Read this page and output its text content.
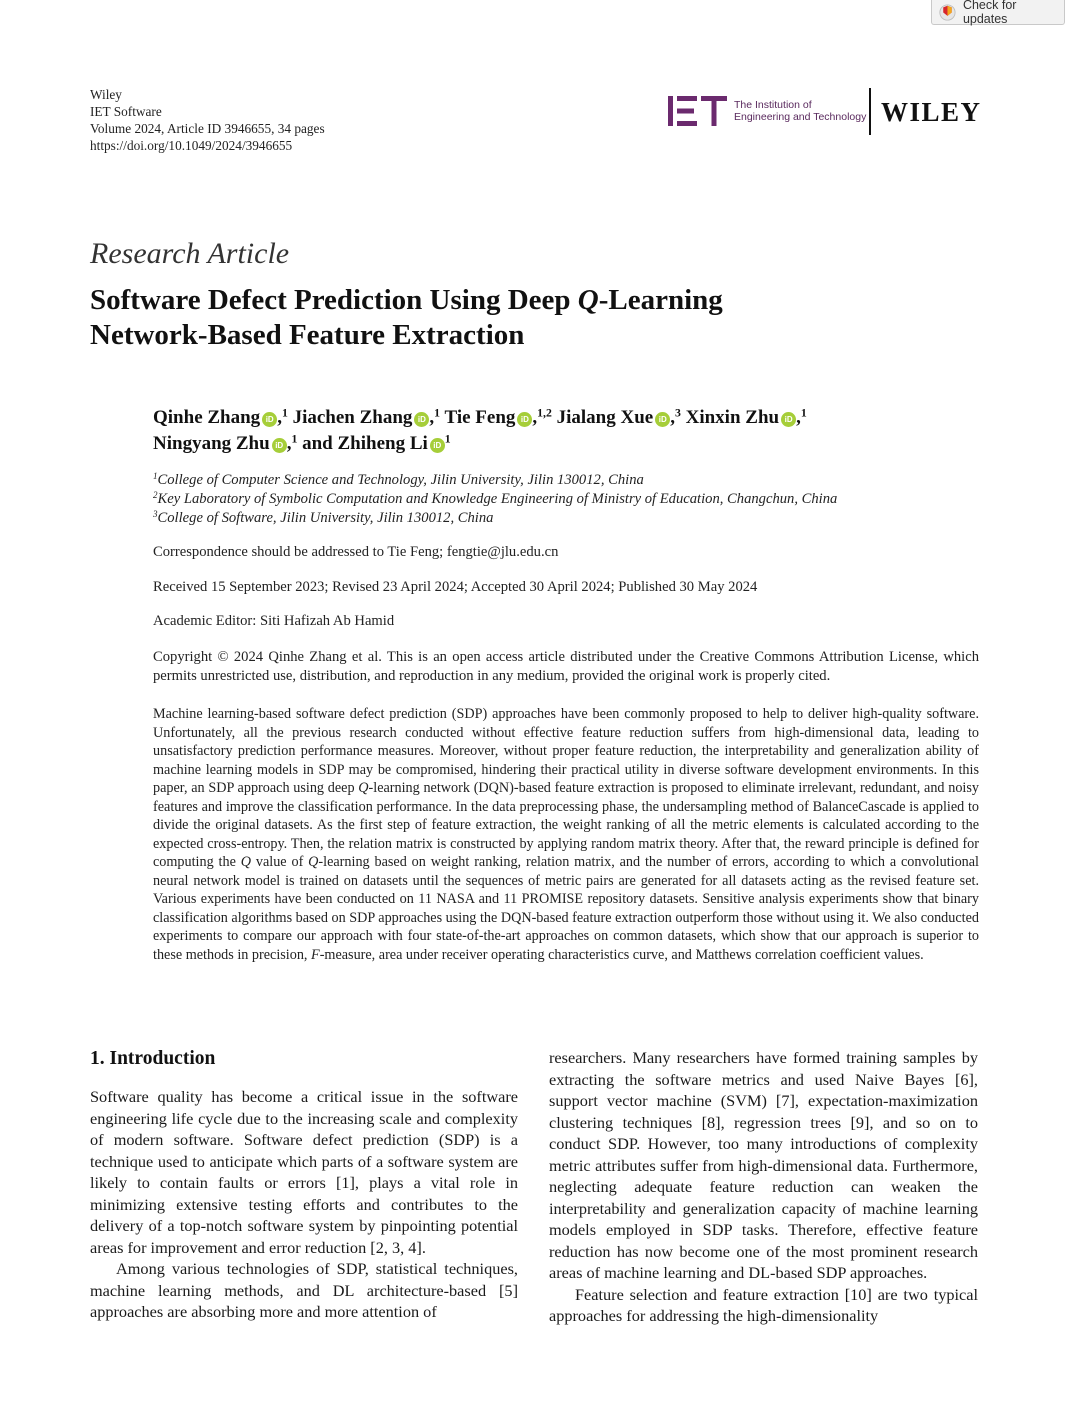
Check for updates
Wiley
IET Software
Volume 2024, Article ID 3946655, 34 pages
https://doi.org/10.1049/2024/3946655
The Institution of
Engineering and Technology WILEY
Research Article
Software Defect Prediction Using Deep Q-Learning
Network-Based Feature Extraction
Qinhe Zhang iD ,$^1$ Jiachen Zhang iD ,$^1$ Tie Feng iD ,$^{1,2}$ Jialang Xue iD ,$^3$ Xinxin Zhu iD ,$^1$
Ningyang Zhu iD ,$^1$ and Zhiheng Li iD $^1$
$^1$College of Computer Science and Technology, Jilin University, Jilin 130012, China
$^2$Key Laboratory of Symbolic Computation and Knowledge Engineering of Ministry of Education, Changchun, China
$^3$College of Software, Jilin University, Jilin 130012, China
Correspondence should be addressed to Tie Feng; fengtie@jlu.edu.cn
Received 15 September 2023; Revised 23 April 2024; Accepted 30 April 2024; Published 30 May 2024
Academic Editor: Siti Hafizah Ab Hamid
Copyright © 2024 Qinhe Zhang et al. This is an open access article distributed under the Creative Commons Attribution License, which permits unrestricted use, distribution, and reproduction in any medium, provided the original work is properly cited.
Machine learning-based software defect prediction (SDP) approaches have been commonly proposed to help to deliver high-quality software. Unfortunately, all the previous research conducted without effective feature reduction suffers from high-dimensional data, leading to unsatisfactory prediction performance measures. Moreover, without proper feature reduction, the interpretability and generalization ability of machine learning models in SDP may be compromised, hindering their practical utility in diverse software development environments. In this paper, an SDP approach using deep Q-learning network (DQN)-based feature extraction is proposed to eliminate irrelevant, redundant, and noisy features and improve the classification performance. In the data preprocessing phase, the undersampling method of BalanceCascade is applied to divide the original datasets. As the first step of feature extraction, the weight ranking of all the metric elements is calculated according to the expected cross-entropy. Then, the relation matrix is constructed by applying random matrix theory. After that, the reward principle is defined for computing the Q value of Q-learning based on weight ranking, relation matrix, and the number of errors, according to which a convolutional neural network model is trained on datasets until the sequences of metric pairs are generated for all datasets acting as the revised feature set. Various experiments have been conducted on 11 NASA and 11 PROMISE repository datasets. Sensitive analysis experiments show that binary classification algorithms based on SDP approaches using the DQN-based feature extraction outperform those without using it. We also conducted experiments to compare our approach with four state-of-the-art approaches on common datasets, which show that our approach is superior to these methods in precision, F-measure, area under receiver operating characteristics curve, and Matthews correlation coefficient values.
1. Introduction

Software quality has become a critical issue in the software engineering life cycle due to the increasing scale and complexity of modern software. Software defect prediction (SDP) is a technique used to anticipate which parts of a software system are likely to contain faults or errors [1], plays a vital role in minimizing extensive testing efforts and contributes to the delivery of a top-notch software system by pinpointing potential areas for improvement and error reduction [2, 3, 4].

Among various technologies of SDP, statistical techniques, machine learning methods, and DL architecture-based [5] approaches are absorbing more and more attention of

researchers. Many researchers have formed training samples by extracting the software metrics and used Naive Bayes [6], support vector machine (SVM) [7], expectation-maximization clustering techniques [8], regression trees [9], and so on to conduct SDP. However, too many introductions of complexity metric attributes suffer from high-dimensional data. Furthermore, neglecting adequate feature reduction can weaken the interpretability and generalization capacity of machine learning models employed in SDP tasks. Therefore, effective feature reduction has now become one of the most prominent research areas of machine learning and DL-based SDP approaches.

Feature selection and feature extraction [10] are two typical approaches for addressing the high-dimensionality
